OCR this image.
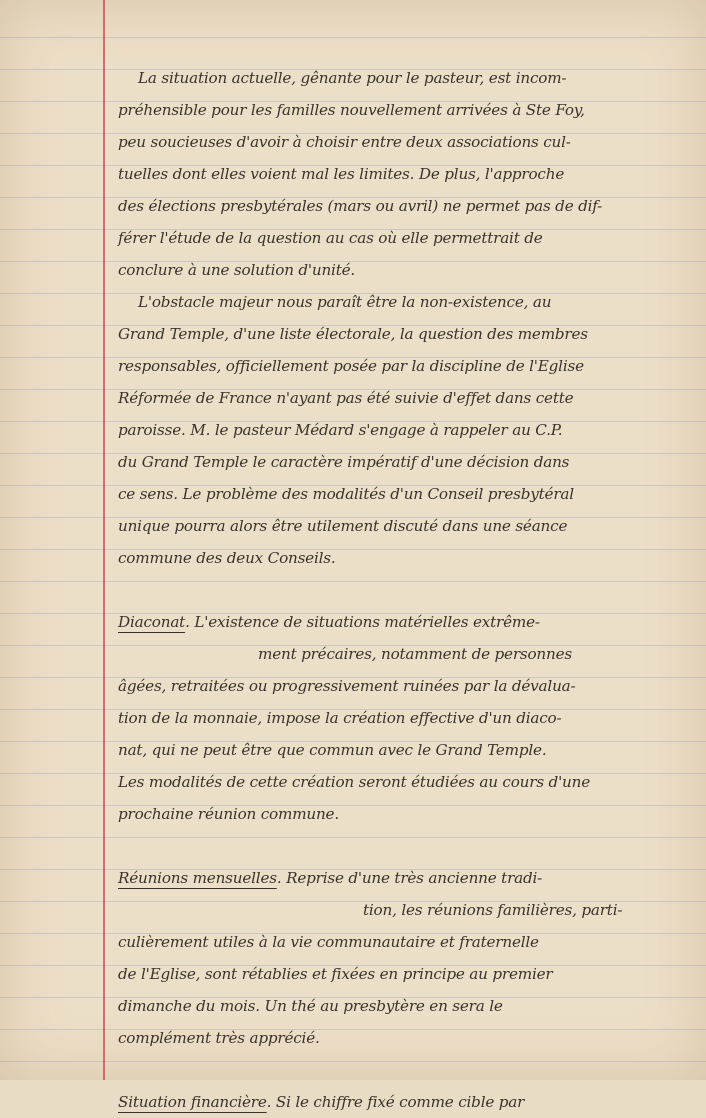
La situation actuelle, gênante pour le pasteur, est incom-
préhensible pour les familles nouvellement arrivées à Ste Foy,
peu soucieuses d'avoir à choisir entre deux associations cul-
tuelles dont elles voient mal les limites. De plus, l'approche
des élections presbytérales (mars ou avril) ne permet pas de dif-
férer l'étude de la question au cas où elle permettrait de
conclure à une solution d'unité.
L'obstacle majeur nous paraît être la non-existence, au
Grand Temple, d'une liste électorale, la question des membres
responsables, officiellement posée par la discipline de l'Eglise
Réformée de France n'ayant pas été suivie d'effet dans cette
paroisse. M. le pasteur Médard s'engage à rappeler au C.P.
du Grand Temple le caractère impératif d'une décision dans
ce sens. Le problème des modalités d'un Conseil presbytéral
unique pourra alors être utilement discuté dans une séance
commune des deux Conseils.
Diaconat. L'existence de situations matérielles extrême-
ment précaires, notamment de personnes
âgées, retraitées ou progressivement ruinées par la dévalua-
tion de la monnaie, impose la création effective d'un diaco-
nat, qui ne peut être que commun avec le Grand Temple.
Les modalités de cette création seront étudiées au cours d'une
prochaine réunion commune.
Réunions mensuelles. Reprise d'une très ancienne tradi-
tion, les réunions familières, parti-
culièrement utiles à la vie communautaire et fraternelle
de l'Eglise, sont rétablies et fixées en principe au premier
dimanche du mois. Un thé au presbytère en sera le
complément très apprécié.
Situation financière. Si le chiffre fixé comme cible par
